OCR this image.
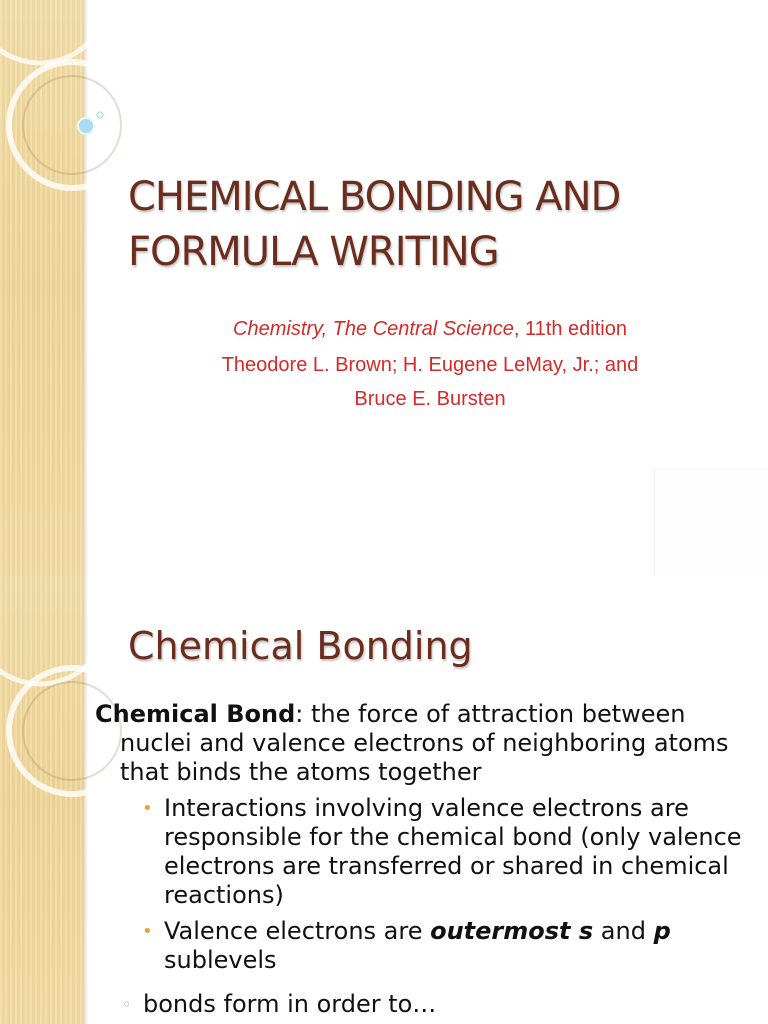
CHEMICAL BONDING AND FORMULA WRITING
Chemistry, The Central Science, 11th edition
Theodore L. Brown; H. Eugene LeMay, Jr.; and
Bruce E. Bursten
Chemical Bonding

Chemical Bond: the force of attraction between nuclei and valence electrons of neighboring atoms that binds the atoms together

• Interactions involving valence electrons are responsible for the chemical bond (only valence electrons are transferred or shared in chemical reactions)

• Valence electrons are outermost s and p sublevels

◦ bonds form in order to…
